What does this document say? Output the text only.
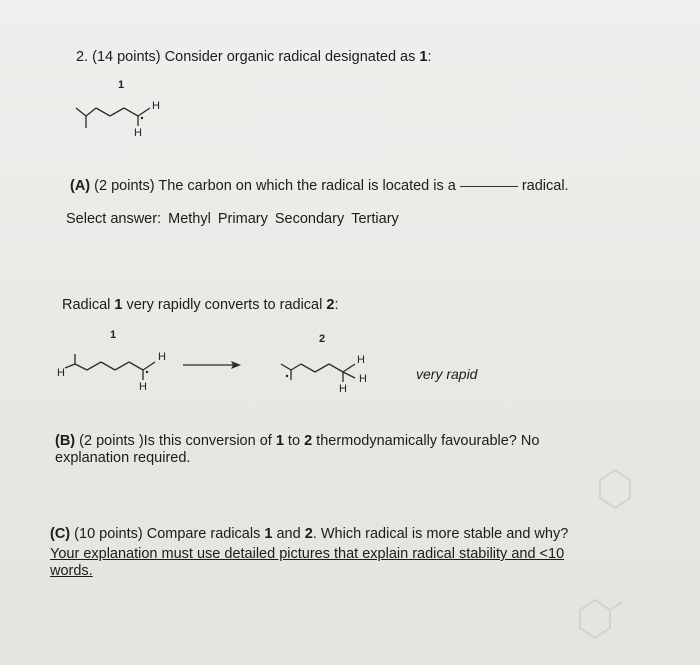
2. (14 points) Consider organic radical designated as 1:
1
H
H
(A) (2 points) The carbon on which the radical is located is a	radical.
Select answer: Methyl Primary Secondary Tertiary
Radical 1 very rapidly converts to radical 2:
1
H
H
H
2
H
H
H
very rapid
(B) (2 points )Is this conversion of 1 to 2 thermodynamically favourable? No
explanation required.
(C) (10 points) Compare radicals 1 and 2. Which radical is more stable and why?
Your explanation must use detailed pictures that explain radical stability and <10
words.
